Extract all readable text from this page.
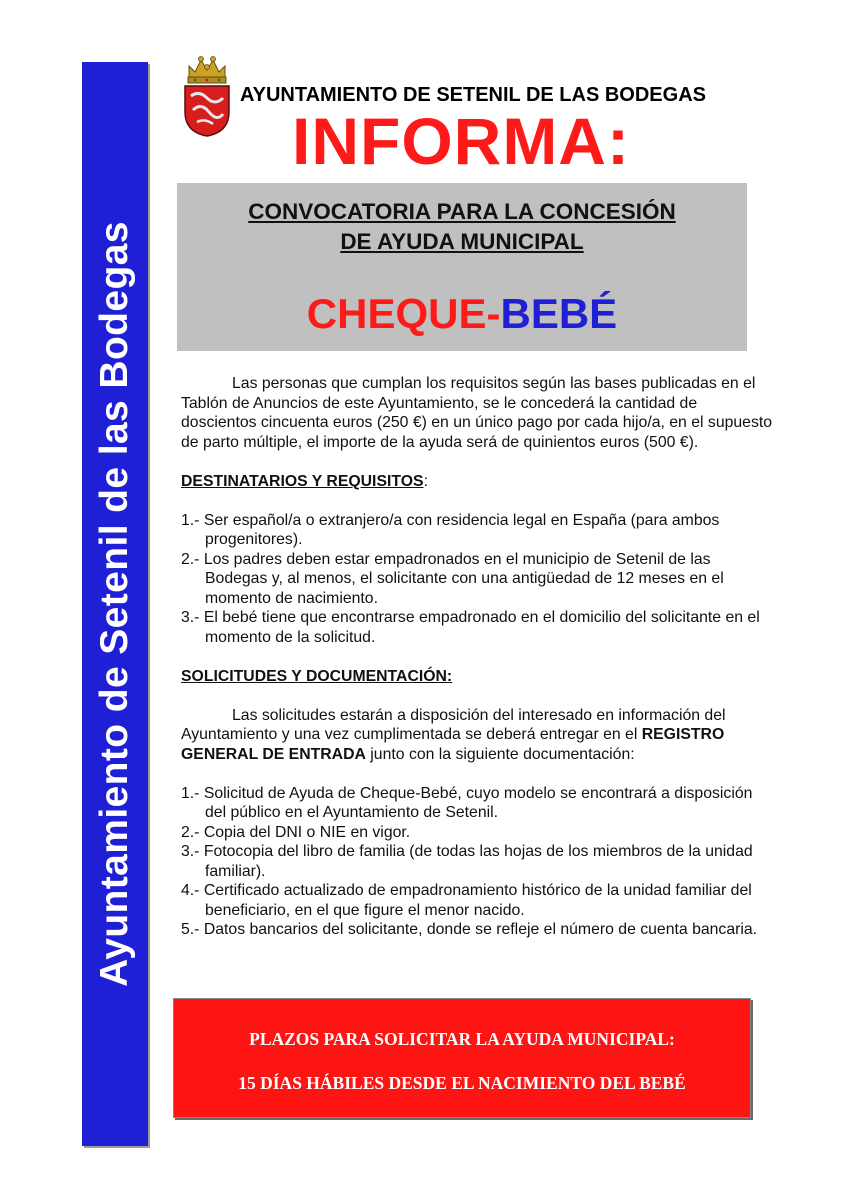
Ayuntamiento de Setenil de las Bodegas
AYUNTAMIENTO DE SETENIL DE LAS BODEGAS
INFORMA:
CONVOCATORIA PARA LA CONCESIÓN
DE AYUDA MUNICIPAL
CHEQUE-BEBÉ

Las personas que cumplan los requisitos según las bases publicadas en el Tablón de Anuncios de este Ayuntamiento, se le concederá la cantidad de doscientos cincuenta euros (250 €) en un único pago por cada hijo/a, en el supuesto de parto múltiple, el importe de la ayuda será de quinientos euros (500 €).

DESTINATARIOS Y REQUISITOS:

1.- Ser español/a o extranjero/a con residencia legal en España (para ambos progenitores).

2.- Los padres deben estar empadronados en el municipio de Setenil de las Bodegas y, al menos, el solicitante con una antigüedad de 12 meses en el momento de nacimiento.

3.- El bebé tiene que encontrarse empadronado en el domicilio del solicitante en el momento de la solicitud.

SOLICITUDES Y DOCUMENTACIÓN:

Las solicitudes estarán a disposición del interesado en información del Ayuntamiento y una vez cumplimentada se deberá entregar en el REGISTRO GENERAL DE ENTRADA junto con la siguiente documentación:

1.- Solicitud de Ayuda de Cheque-Bebé, cuyo modelo se encontrará a disposición del público en el Ayuntamiento de Setenil.

2.- Copia del DNI o NIE en vigor.

3.- Fotocopia del libro de familia (de todas las hojas de los miembros de la unidad familiar).

4.- Certificado actualizado de empadronamiento histórico de la unidad familiar del beneficiario, en el que figure el menor nacido.

5.- Datos bancarios del solicitante, donde se refleje el número de cuenta bancaria.

PLAZOS PARA SOLICITAR LA AYUDA MUNICIPAL:
15 DÍAS HÁBILES DESDE EL NACIMIENTO DEL BEBÉ
